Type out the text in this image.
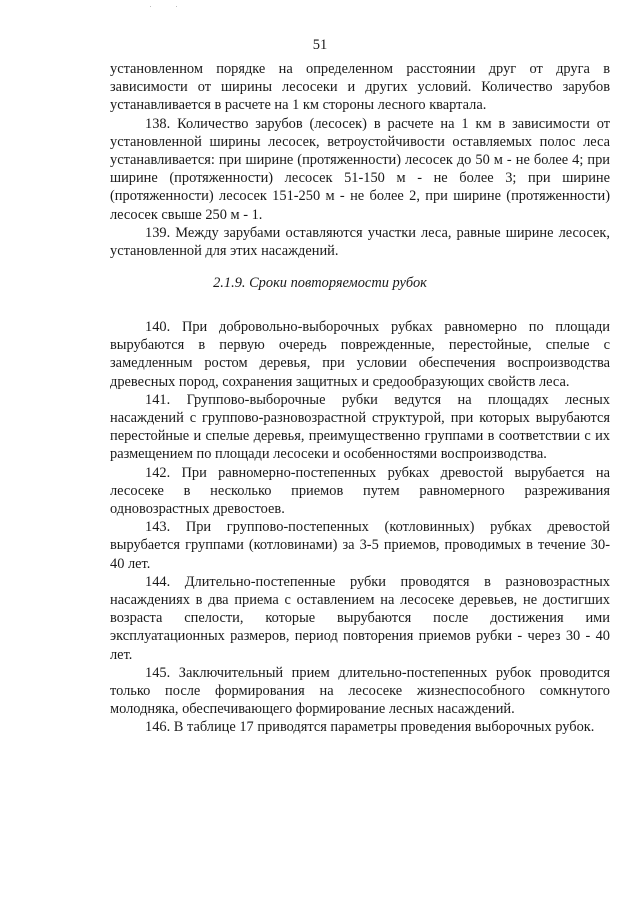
51

установленном порядке на определенном расстоянии друг от друга в зависимости от ширины лесосеки и других условий. Количество зарубов устанавливается в расчете на 1 км стороны лесного квартала.

138. Количество зарубов (лесосек) в расчете на 1 км в зависимости от установленной ширины лесосек, ветроустойчивости оставляемых полос леса устанавливается: при ширине (протяженности) лесосек до 50 м - не более 4; при ширине (протяженности) лесосек 51-150 м - не более 3; при ширине (протяженности) лесосек 151-250 м - не более 2, при ширине (протяженности) лесосек свыше 250 м - 1.

139. Между зарубами оставляются участки леса, равные ширине лесосек, установленной для этих насаждений.

2.1.9. Сроки повторяемости рубок

140. При добровольно-выборочных рубках равномерно по площади вырубаются в первую очередь поврежденные, перестойные, спелые с замедленным ростом деревья, при условии обеспечения воспроизводства древесных пород, сохранения защитных и средообразующих свойств леса.

141. Группово-выборочные рубки ведутся на площадях лесных насаждений с группово-разновозрастной структурой, при которых вырубаются перестойные и спелые деревья, преимущественно группами в соответствии с их размещением по площади лесосеки и особенностями воспроизводства.

142. При равномерно-постепенных рубках древостой вырубается на лесосеке в несколько приемов путем равномерного разреживания одновозрастных древостоев.

143. При группово-постепенных (котловинных) рубках древостой вырубается группами (котловинами) за 3-5 приемов, проводимых в течение 30-40 лет.

144. Длительно-постепенные рубки проводятся в разновозрастных насаждениях в два приема с оставлением на лесосеке деревьев, не достигших возраста спелости, которые вырубаются после достижения ими эксплуатационных размеров, период повторения приемов рубки - через 30 - 40 лет.

145. Заключительный прием длительно-постепенных рубок проводится только после формирования на лесосеке жизнеспособного сомкнутого молодняка, обеспечивающего формирование лесных насаждений.

146. В таблице 17 приводятся параметры проведения выборочных рубок.
